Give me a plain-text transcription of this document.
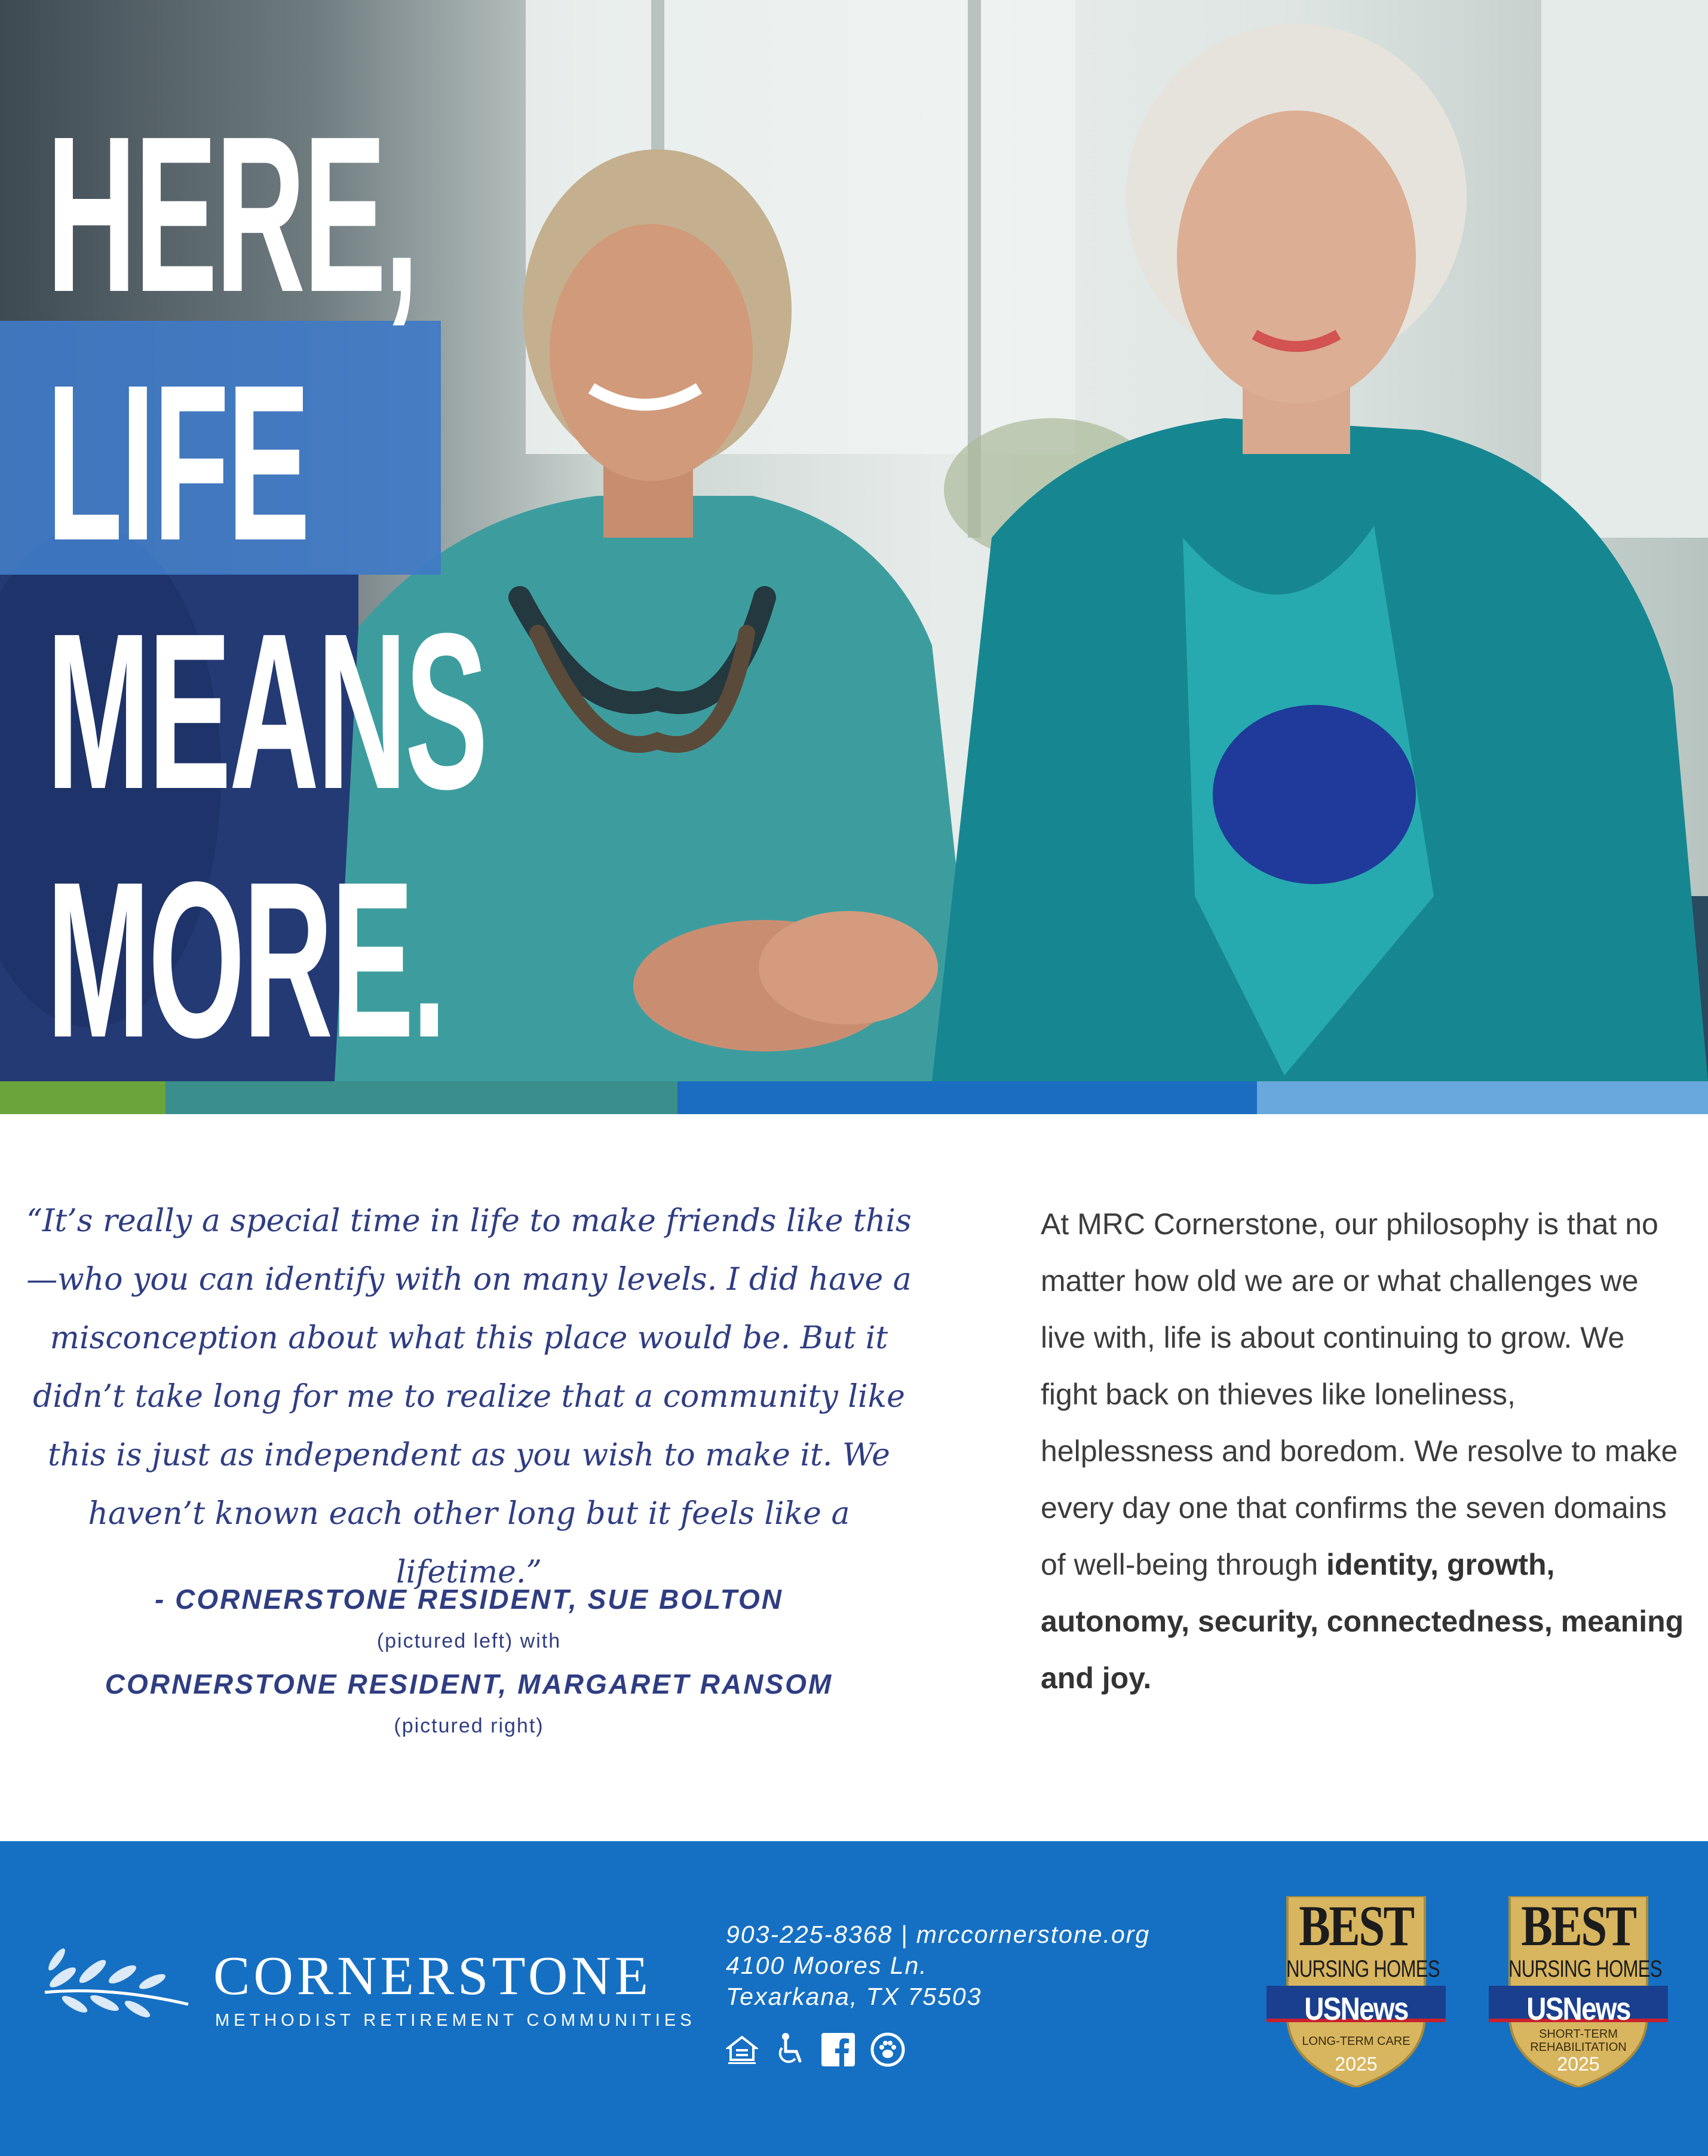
HERE,
LIFE
MEANS
MORE.

“It’s really a special time in life to make friends like this—who you can identify with on many levels. I did have a misconception about what this place would be. But it didn’t take long for me to realize that a community like this is just as independent as you wish to make it. We haven’t known each other long but it feels like a lifetime.”

- CORNERSTONE RESIDENT, SUE BOLTON

(pictured left) with

CORNERSTONE RESIDENT, MARGARET RANSOM

(pictured right)

At MRC Cornerstone, our philosophy is that no matter how old we are or what challenges we live with, life is about continuing to grow. We fight back on thieves like loneliness, helplessness and boredom. We resolve to make every day one that confirms the seven domains of well-being through identity, growth, autonomy, security, connectedness, meaning and joy.

CORNERSTONE

METHODIST RETIREMENT COMMUNITIES

903-225-8368 | mrccornerstone.org
4100 Moores Ln.
Texarkana, TX 75503

BEST

NURSING HOMES

USNews

LONG-TERM CARE

2025

BEST

NURSING HOMES

USNews

SHORT-TERM REHABILITATION

2025
